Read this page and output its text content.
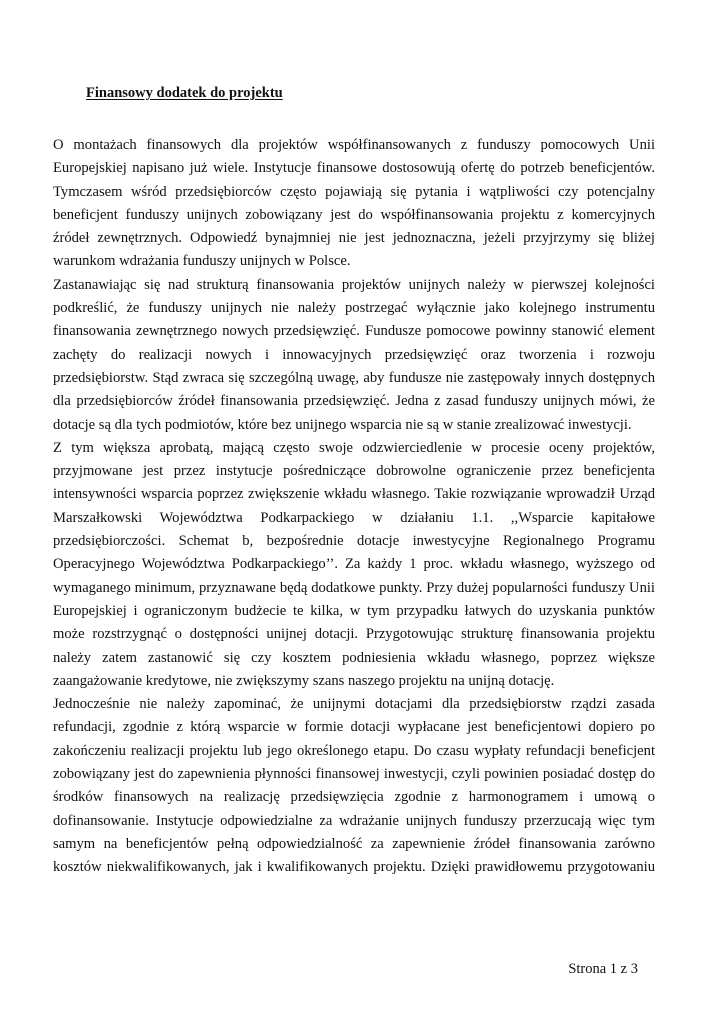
Finansowy dodatek do projektu

O montażach finansowych dla projektów współfinansowanych z funduszy pomocowych Unii
Europejskiej napisano już wiele. Instytucje finansowe dostosowują ofertę do potrzeb beneficjentów.
Tymczasem wśród przedsiębiorców często pojawiają się pytania i wątpliwości czy potencjalny
beneficjent funduszy unijnych zobowiązany jest do współfinansowania projektu z komercyjnych
źródeł zewnętrznych. Odpowiedź bynajmniej nie jest jednoznaczna, jeżeli przyjrzymy się bliżej
warunkom wdrażania funduszy unijnych w Polsce.

Zastanawiając się nad strukturą finansowania projektów unijnych należy w pierwszej kolejności
podkreślić, że funduszy unijnych nie należy postrzegać wyłącznie jako kolejnego instrumentu
finansowania zewnętrznego nowych przedsięwzięć. Fundusze pomocowe powinny stanowić element
zachęty do realizacji nowych i innowacyjnych przedsięwzięć oraz tworzenia i rozwoju
przedsiębiorstw. Stąd zwraca się szczególną uwagę, aby fundusze nie zastępowały innych dostępnych
dla przedsiębiorców źródeł finansowania przedsięwzięć. Jedna z zasad funduszy unijnych mówi, że
dotacje są dla tych podmiotów, które bez unijnego wsparcia nie są w stanie zrealizować inwestycji.

Z tym większa aprobatą, mającą często swoje odzwierciedlenie w procesie oceny projektów,
przyjmowane jest przez instytucje pośredniczące dobrowolne ograniczenie przez beneficjenta
intensywności wsparcia poprzez zwiększenie wkładu własnego. Takie rozwiązanie wprowadził Urząd
Marszałkowski Województwa Podkarpackiego w działaniu 1.1. ,,Wsparcie kapitałowe
przedsiębiorczości. Schemat b, bezpośrednie dotacje inwestycyjne Regionalnego Programu
Operacyjnego Województwa Podkarpackiego’’. Za każdy 1 proc. wkładu własnego, wyższego od
wymaganego minimum, przyznawane będą dodatkowe punkty. Przy dużej popularności funduszy Unii
Europejskiej i ograniczonym budżecie te kilka, w tym przypadku łatwych do uzyskania punktów
może rozstrzygnąć o dostępności unijnej dotacji. Przygotowując strukturę finansowania projektu
należy zatem zastanowić się czy kosztem podniesienia wkładu własnego, poprzez większe
zaangażowanie kredytowe, nie zwiększymy szans naszego projektu na unijną dotację.

Jednocześnie nie należy zapominać, że unijnymi dotacjami dla przedsiębiorstw rządzi zasada
refundacji, zgodnie z którą wsparcie w formie dotacji wypłacane jest beneficjentowi dopiero po
zakończeniu realizacji projektu lub jego określonego etapu. Do czasu wypłaty refundacji beneficjent
zobowiązany jest do zapewnienia płynności finansowej inwestycji, czyli powinien posiadać dostęp do
środków finansowych na realizację przedsięwzięcia zgodnie z harmonogramem i umową o
dofinansowanie. Instytucje odpowiedzialne za wdrażanie unijnych funduszy przerzucają więc tym
samym na beneficjentów pełną odpowiedzialność za zapewnienie źródeł finansowania zarówno
kosztów niekwalifikowanych, jak i kwalifikowanych projektu. Dzięki prawidłowemu przygotowaniu

Strona 1 z 3
